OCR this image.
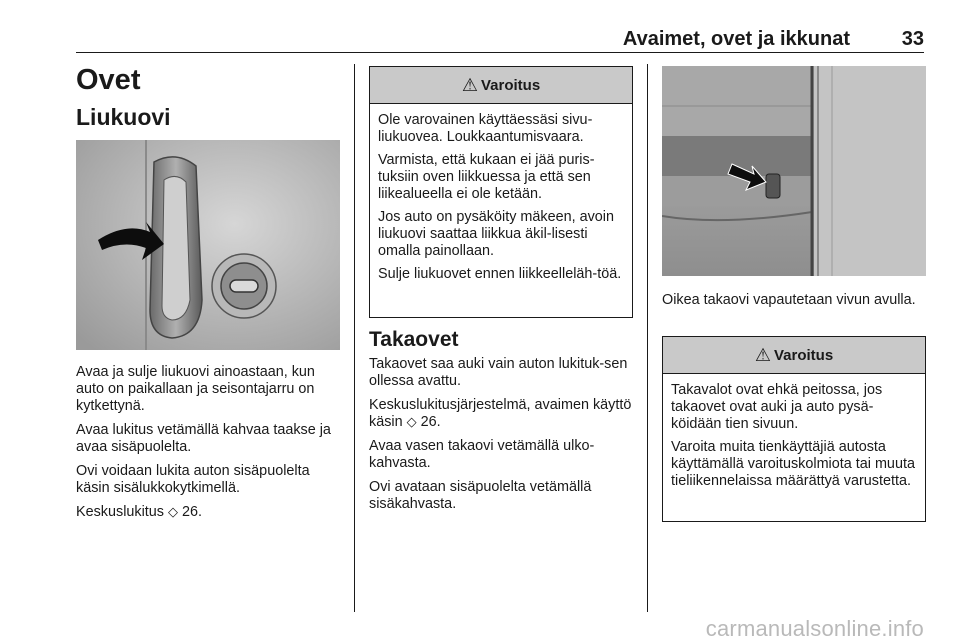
Avaimet, ovet ja ikkunat	33
Ovet
Liukuovi

Avaa ja sulje liukuovi ainoastaan, kun auto on paikallaan ja seisontajarru on kytkettynä.

Avaa lukitus vetämällä kahvaa taakse ja avaa sisäpuolelta.

Ovi voidaan lukita auton sisäpuolelta käsin sisälukkokytkimellä.

Keskuslukitus ◇ 26.

⚠ Varoitus

Ole varovainen käyttäessäsi sivu-liukuovea. Loukkaantumisvaara.

Varmista, että kukaan ei jää puris-tuksiin oven liikkuessa ja että sen liikealueella ei ole ketään.

Jos auto on pysäköity mäkeen, avoin liukuovi saattaa liikkua äkil-lisesti omalla painollaan.

Sulje liukuovet ennen liikkeelleläh-töä.

Takaovet

Takaovet saa auki vain auton lukituk-sen ollessa avattu.

Keskuslukitusjärjestelmä, avaimen käyttö käsin ◇ 26.

Avaa vasen takaovi vetämällä ulko-kahvasta.

Ovi avataan sisäpuolelta vetämällä sisäkahvasta.

Oikea takaovi vapautetaan vivun avulla.

⚠ Varoitus

Takavalot ovat ehkä peitossa, jos takaovet ovat auki ja auto pysä-köidään tien sivuun.

Varoita muita tienkäyttäjiä autosta käyttämällä varoituskolmiota tai muuta tieliikennelaissa määrättyä varustetta.

carmanualsonline.info
